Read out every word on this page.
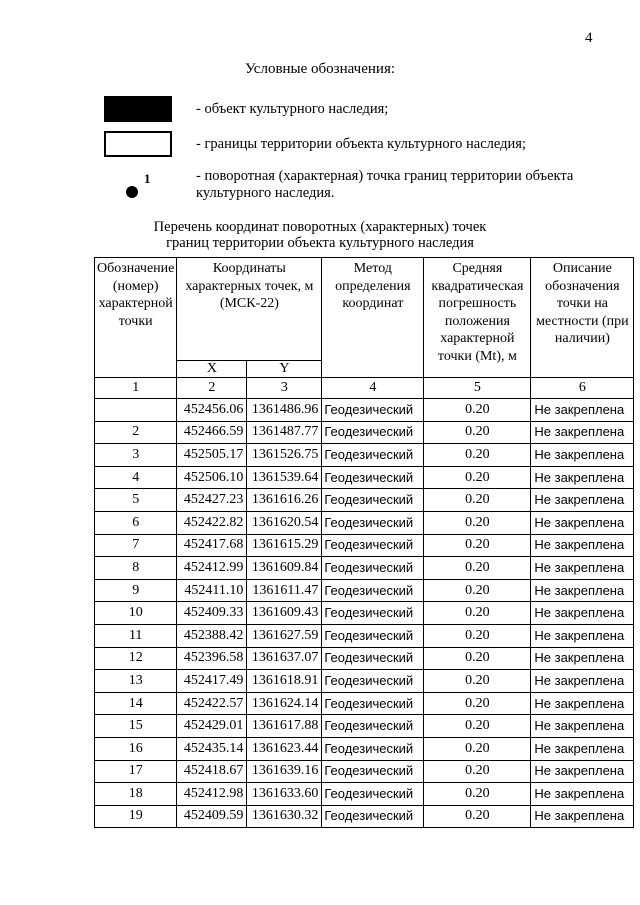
4
Условные обозначения:
- объект культурного наследия;
- границы территории объекта культурного наследия;
1	- поворотная (характерная) точка границ территории объекта культурного наследия.
Перечень координат поворотных (характерных) точек
границ территории объекта культурного наследия
Обозначение (номер) характерной точки	Координаты характерных точек, м (МСК-22)		Метод определения координат	Средняя квадратическая погрешность положения характерной точки (Mt), м	Описание обозначения точки на местности (при наличии)
	X	Y			
1	2	3	4	5	6
	452456.06	1361486.96	Геодезический	0.20	Не закреплена
2	452466.59	1361487.77	Геодезический	0.20	Не закреплена
3	452505.17	1361526.75	Геодезический	0.20	Не закреплена
4	452506.10	1361539.64	Геодезический	0.20	Не закреплена
5	452427.23	1361616.26	Геодезический	0.20	Не закреплена
6	452422.82	1361620.54	Геодезический	0.20	Не закреплена
7	452417.68	1361615.29	Геодезический	0.20	Не закреплена
8	452412.99	1361609.84	Геодезический	0.20	Не закреплена
9	452411.10	1361611.47	Геодезический	0.20	Не закреплена
10	452409.33	1361609.43	Геодезический	0.20	Не закреплена
11	452388.42	1361627.59	Геодезический	0.20	Не закреплена
12	452396.58	1361637.07	Геодезический	0.20	Не закреплена
13	452417.49	1361618.91	Геодезический	0.20	Не закреплена
14	452422.57	1361624.14	Геодезический	0.20	Не закреплена
15	452429.01	1361617.88	Геодезический	0.20	Не закреплена
16	452435.14	1361623.44	Геодезический	0.20	Не закреплена
17	452418.67	1361639.16	Геодезический	0.20	Не закреплена
18	452412.98	1361633.60	Геодезический	0.20	Не закреплена
19	452409.59	1361630.32	Геодезический	0.20	Не закреплена
